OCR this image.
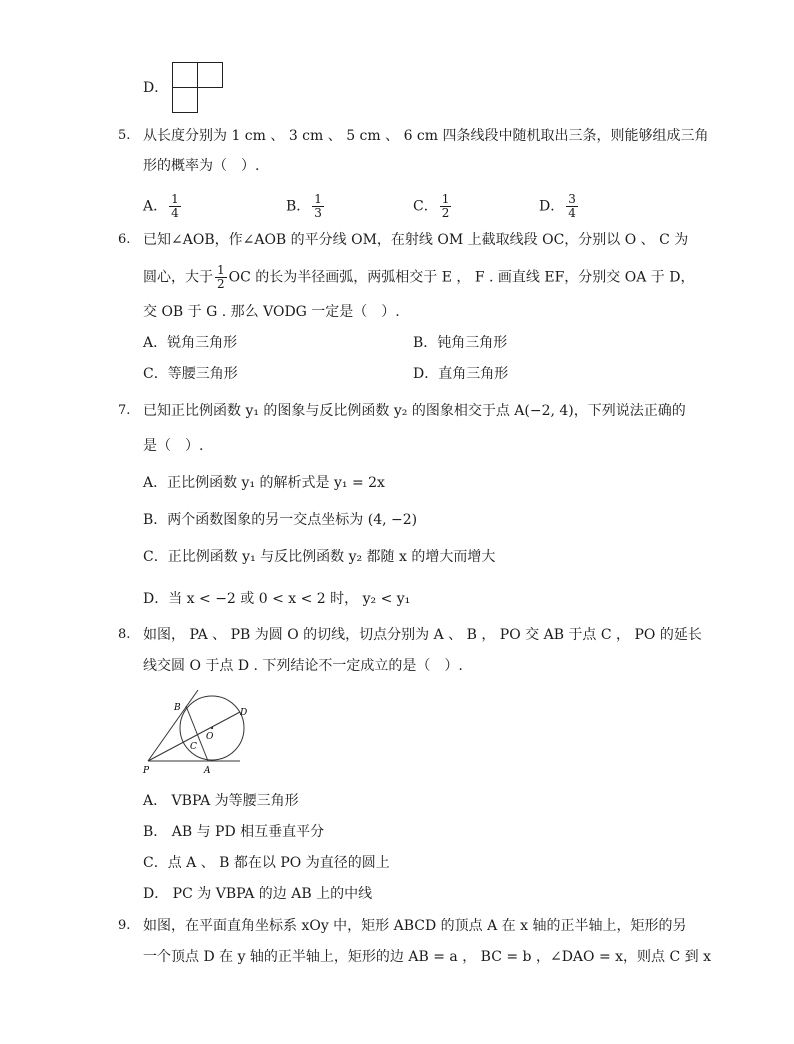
D．
5. 从长度分别为 1 cm 、 3 cm 、 5 cm 、 6 cm 四条线段中随机取出三条，则能够组成三角
形的概率为（　）.
A． $\frac{1}{4}$	B． $\frac{1}{3}$	C． $\frac{1}{2}$	D． $\frac{3}{4}$
6. 已知∠AOB，作∠AOB 的平分线 OM，在射线 OM 上截取线段 OC，分别以 O 、 C 为
圆心，大于 $\frac{1}{2}$ OC 的长为半径画弧，两弧相交于 E ， F . 画直线 EF，分别交 OA 于 D，
交 OB 于 G . 那么 VODG 一定是（　）.
A．锐角三角形	B．钝角三角形
C．等腰三角形	D．直角三角形
7. 已知正比例函数 y₁ 的图象与反比例函数 y₂ 的图象相交于点 A(−2, 4)，下列说法正确的
是（　）.
A．正比例函数 y₁ 的解析式是 y₁ = 2x
B．两个函数图象的另一交点坐标为 (4, −2)
C．正比例函数 y₁ 与反比例函数 y₂ 都随 x 的增大而增大
D．当 x < −2 或 0 < x < 2 时， y₂ < y₁
8. 如图， PA 、 PB 为圆 O 的切线，切点分别为 A 、 B ， PO 交 AB 于点 C ， PO 的延长
线交圆 O 于点 D . 下列结论不一定成立的是（　）.
B	D
O
C
P	A
A． VBPA 为等腰三角形
B． AB 与 PD 相互垂直平分
C．点 A 、 B 都在以 PO 为直径的圆上
D． PC 为 VBPA 的边 AB 上的中线
9. 如图，在平面直角坐标系 xOy 中，矩形 ABCD 的顶点 A 在 x 轴的正半轴上，矩形的另
一个顶点 D 在 y 轴的正半轴上，矩形的边 AB = a ， BC = b ，∠DAO = x，则点 C 到 x
